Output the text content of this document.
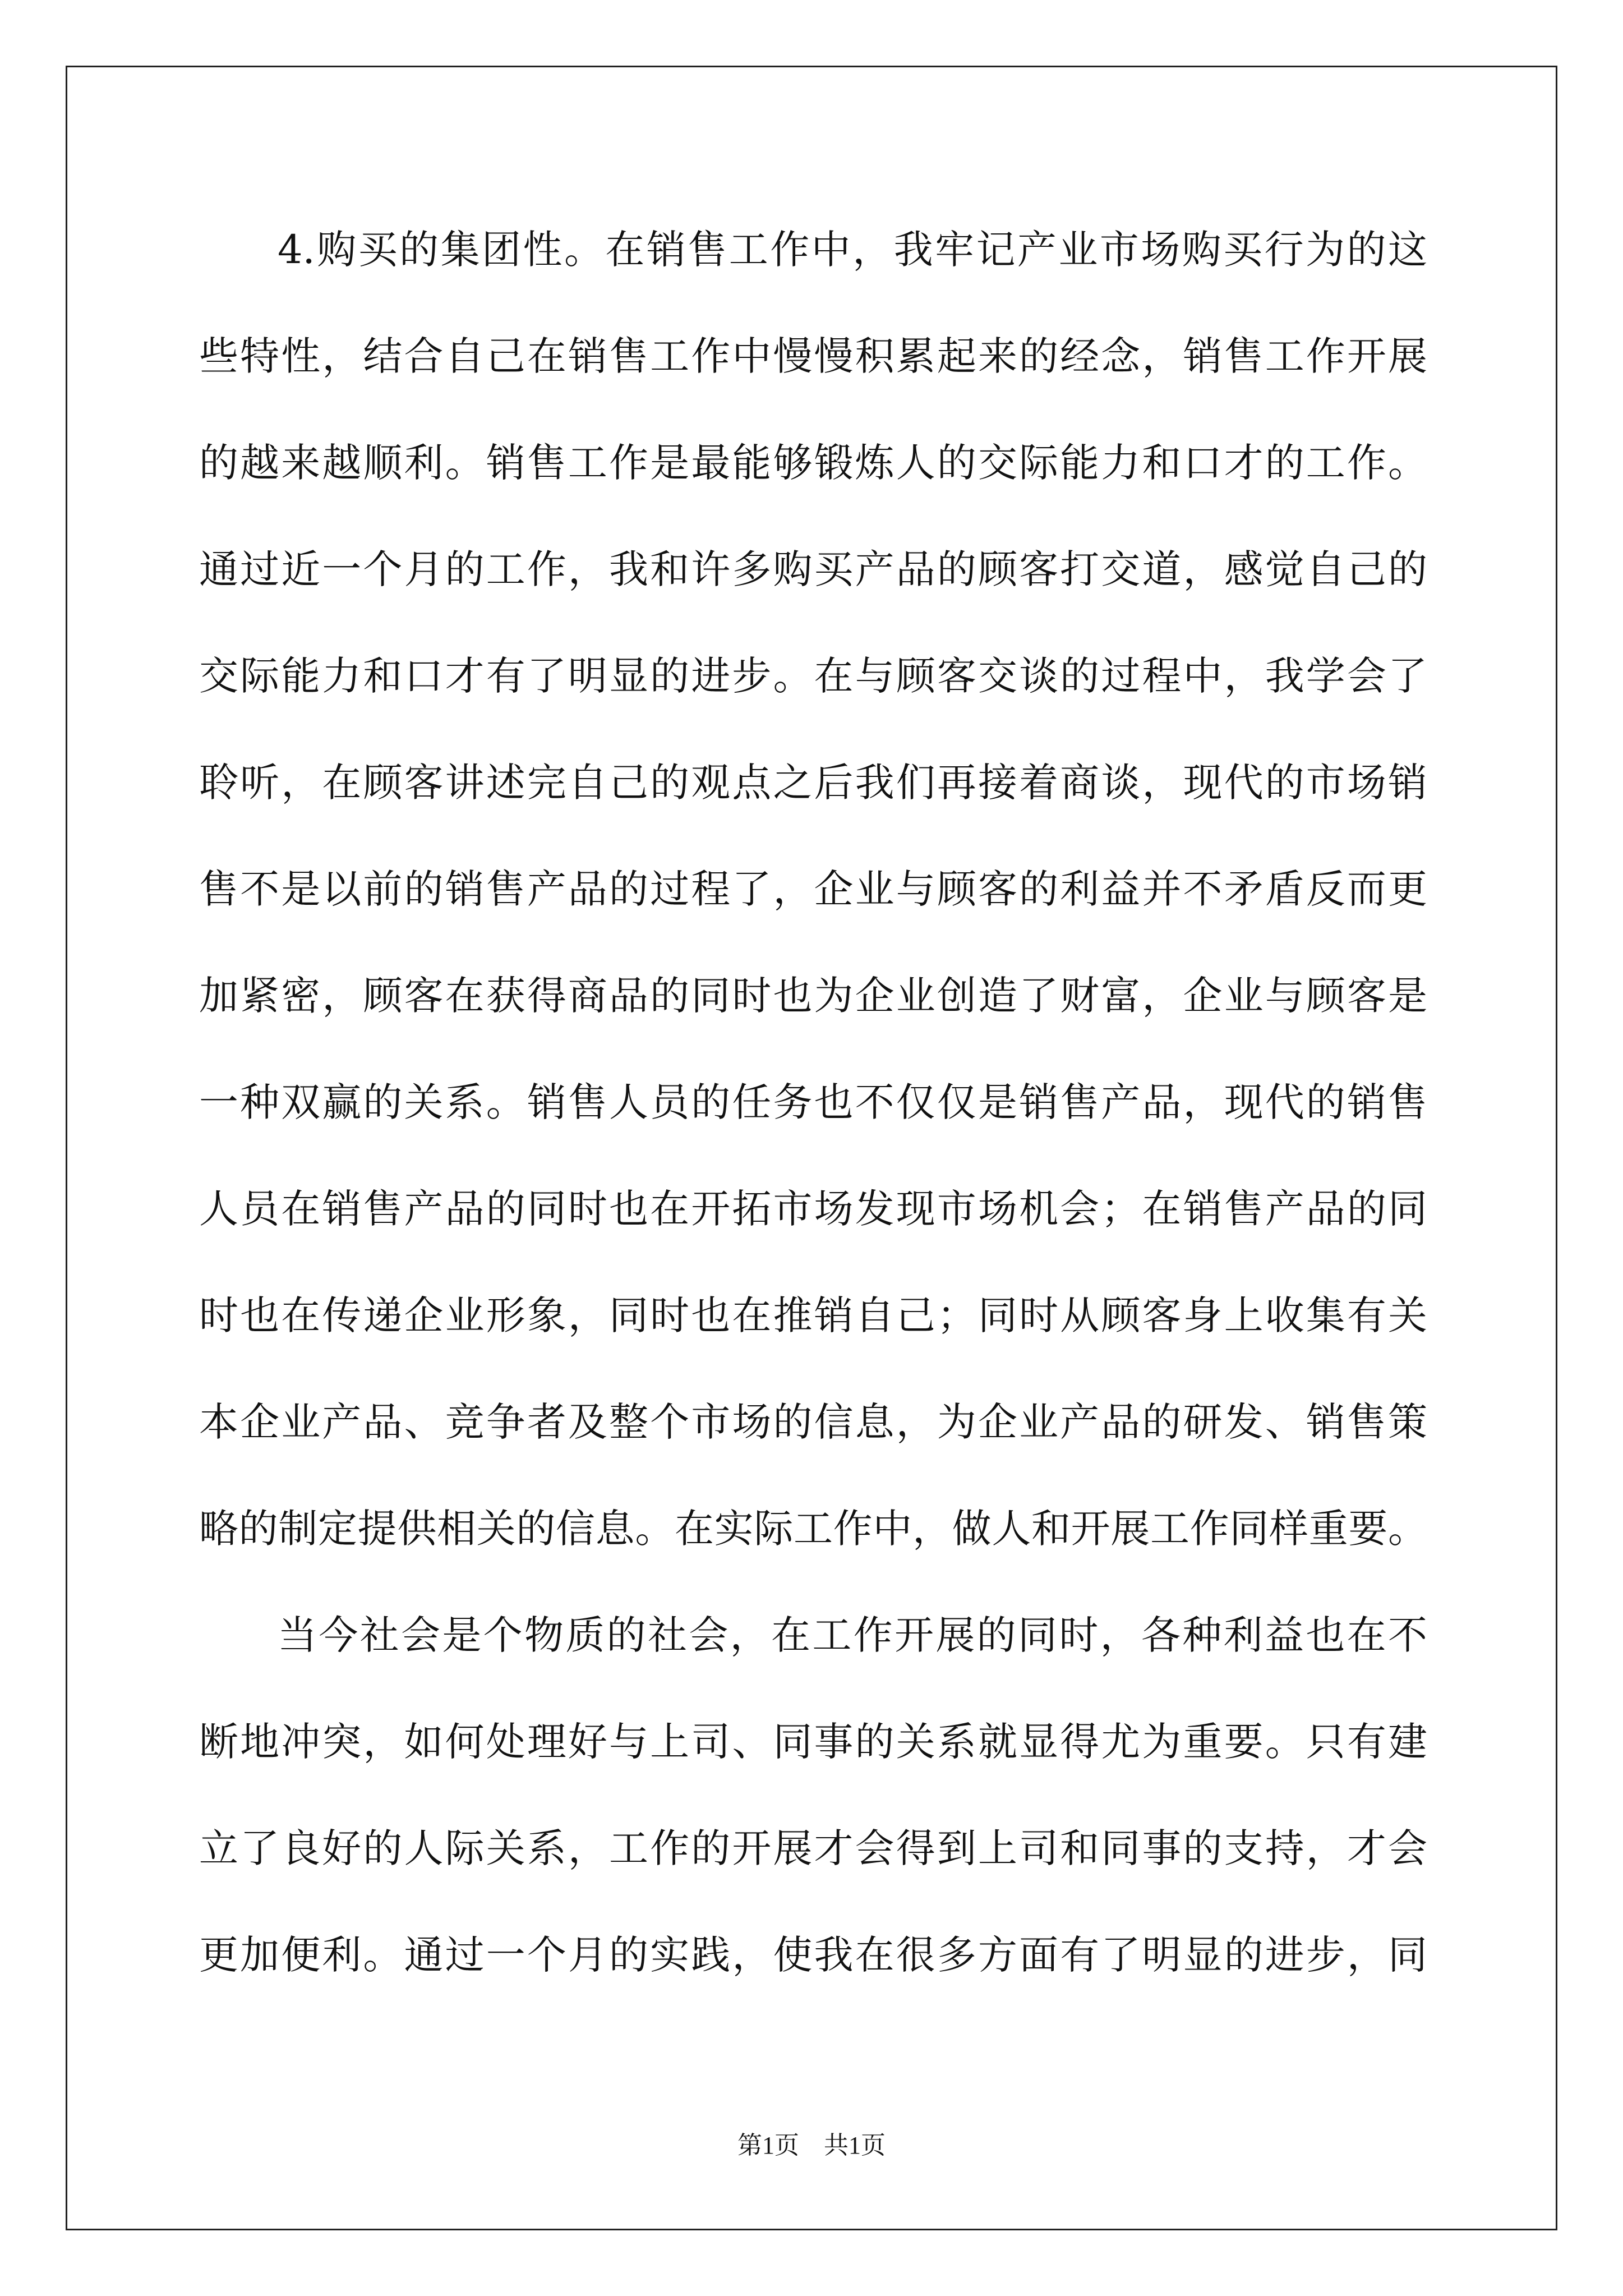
4.购买的集团性。在销售工作中，我牢记产业市场购买行为的这
些特性，结合自己在销售工作中慢慢积累起来的经念，销售工作开展
的越来越顺利。销售工作是最能够锻炼人的交际能力和口才的工作。
通过近一个月的工作，我和许多购买产品的顾客打交道，感觉自己的
交际能力和口才有了明显的进步。在与顾客交谈的过程中，我学会了
聆听，在顾客讲述完自己的观点之后我们再接着商谈，现代的市场销
售不是以前的销售产品的过程了，企业与顾客的利益并不矛盾反而更
加紧密，顾客在获得商品的同时也为企业创造了财富，企业与顾客是
一种双赢的关系。销售人员的任务也不仅仅是销售产品，现代的销售
人员在销售产品的同时也在开拓市场发现市场机会；在销售产品的同
时也在传递企业形象，同时也在推销自己；同时从顾客身上收集有关
本企业产品、竞争者及整个市场的信息，为企业产品的研发、销售策
略的制定提供相关的信息。在实际工作中，做人和开展工作同样重要。
当今社会是个物质的社会，在工作开展的同时，各种利益也在不
断地冲突，如何处理好与上司、同事的关系就显得尤为重要。只有建
立了良好的人际关系，工作的开展才会得到上司和同事的支持，才会
更加便利。通过一个月的实践，使我在很多方面有了明显的进步，同
第1页　共1页
